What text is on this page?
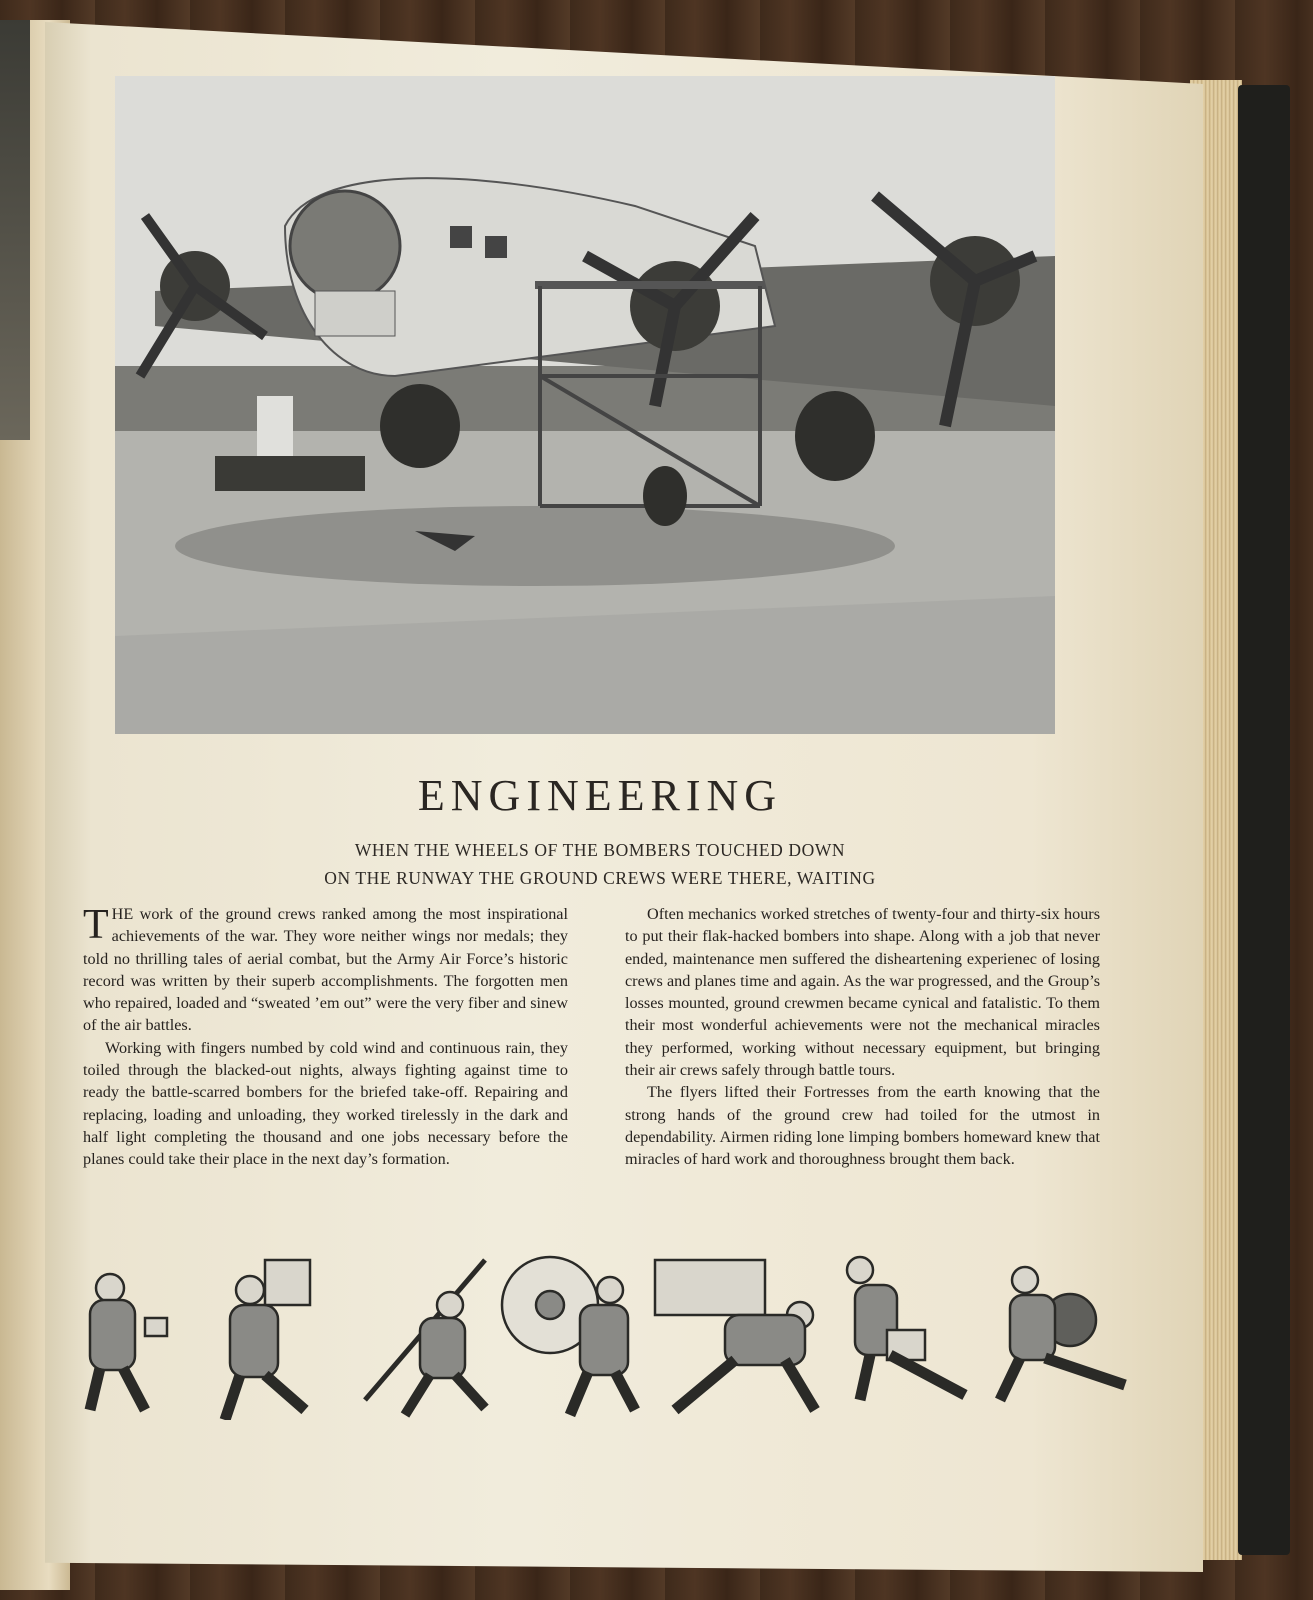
ENGINEERING
WHEN THE WHEELS OF THE BOMBERS TOUCHED DOWN
ON THE RUNWAY THE GROUND CREWS WERE THERE, WAITING

THE work of the ground crews ranked among the most inspirational achievements of the war. They wore neither wings nor medals; they told no thrilling tales of aerial combat, but the Army Air Force’s historic record was written by their superb accomplishments. The forgotten men who repaired, loaded and “sweated ’em out” were the very fiber and sinew of the air battles.

Working with fingers numbed by cold wind and continuous rain, they toiled through the blacked-out nights, always fighting against time to ready the battle-scarred bombers for the briefed take-off. Repairing and replacing, loading and unloading, they worked tirelessly in the dark and half light completing the thousand and one jobs necessary before the planes could take their place in the next day’s formation.

Often mechanics worked stretches of twenty-four and thirty-six hours to put their flak-hacked bombers into shape. Along with a job that never ended, maintenance men suffered the disheartening experienec of losing crews and planes time and again. As the war progressed, and the Group’s losses mounted, ground crewmen became cynical and fatalistic. To them their most wonderful achievements were not the mechanical miracles they performed, working without necessary equipment, but bringing their air crews safely through battle tours.

The flyers lifted their Fortresses from the earth knowing that the strong hands of the ground crew had toiled for the utmost in dependability. Airmen riding lone limping bombers homeward knew that miracles of hard work and thoroughness brought them back.
